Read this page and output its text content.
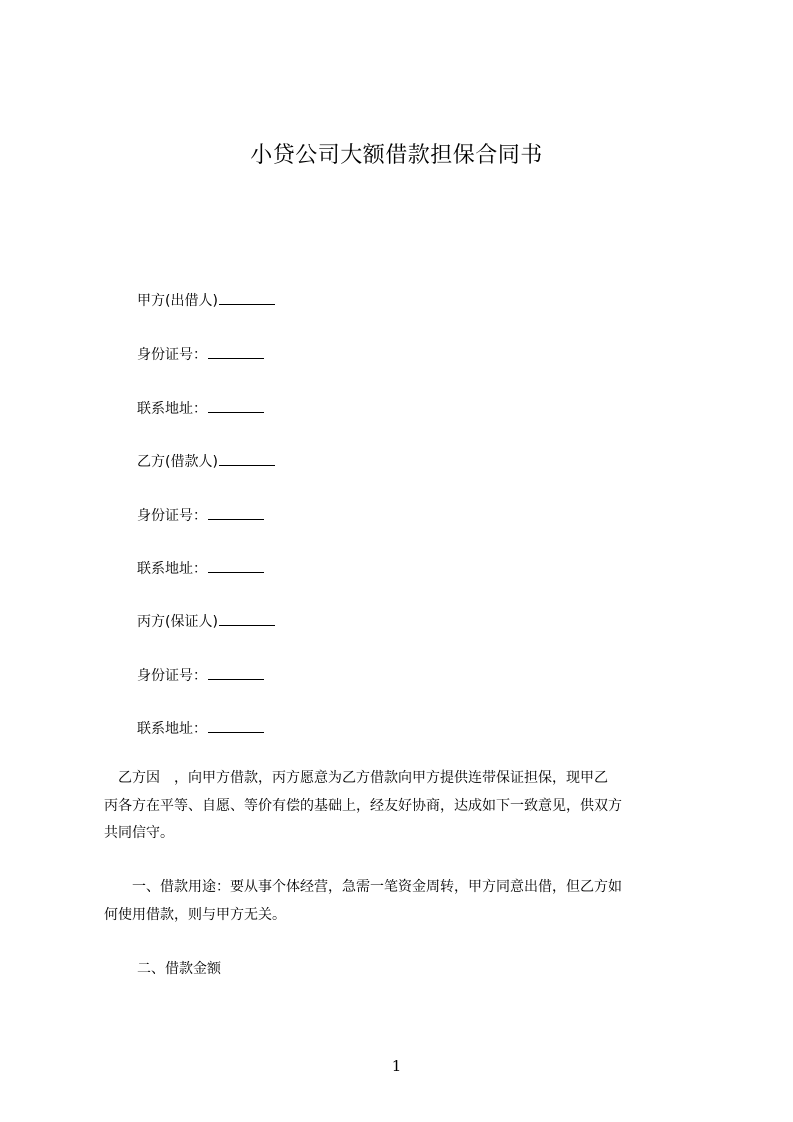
小贷公司大额借款担保合同书
甲方(出借人)
身份证号：
联系地址：
乙方(借款人)
身份证号：
联系地址：
丙方(保证人)
身份证号：
联系地址：
　乙方因　，向甲方借款，丙方愿意为乙方借款向甲方提供连带保证担保，现甲乙
丙各方在平等、自愿、等价有偿的基础上，经友好协商，达成如下一致意见，供双方
共同信守。
　　一、借款用途：要从事个体经营，急需一笔资金周转，甲方同意出借，但乙方如
何使用借款，则与甲方无关。
二、借款金额
1
